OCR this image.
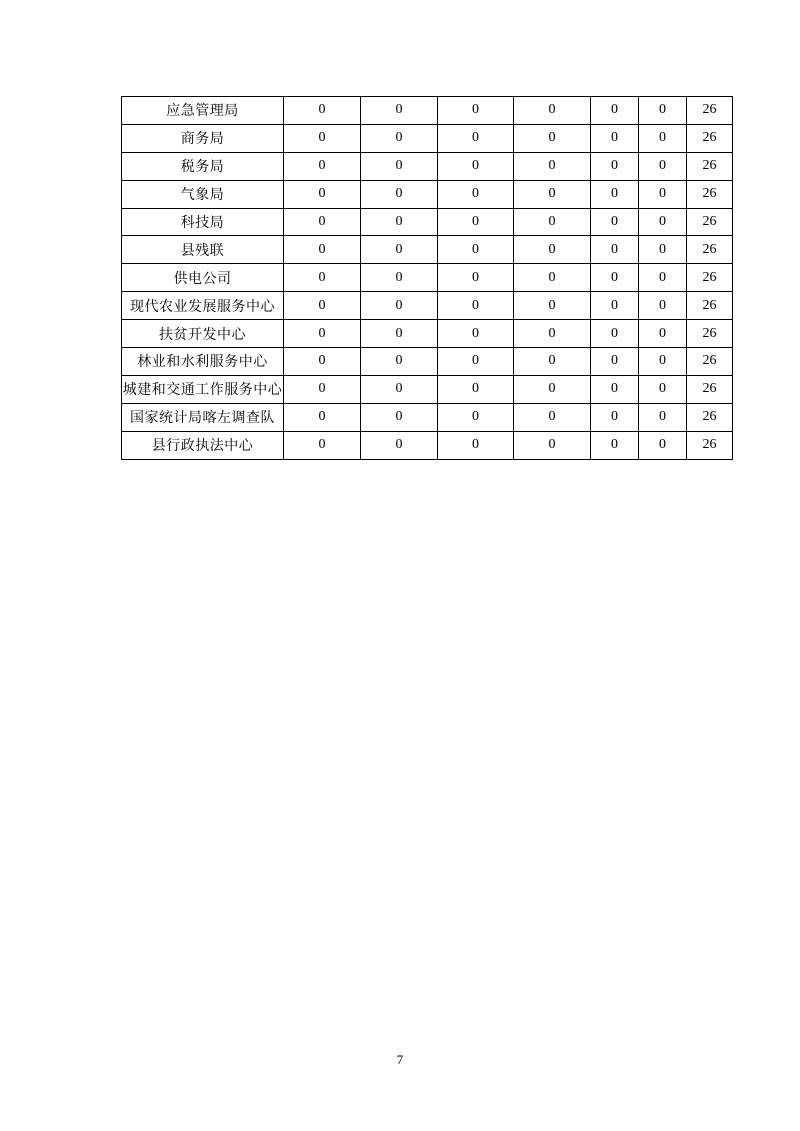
应急管理局	0	0	0	0	0	0	26
商务局	0	0	0	0	0	0	26
税务局	0	0	0	0	0	0	26
气象局	0	0	0	0	0	0	26
科技局	0	0	0	0	0	0	26
县残联	0	0	0	0	0	0	26
供电公司	0	0	0	0	0	0	26
现代农业发展服务中心	0	0	0	0	0	0	26
扶贫开发中心	0	0	0	0	0	0	26
林业和水利服务中心	0	0	0	0	0	0	26
城建和交通工作服务中心	0	0	0	0	0	0	26
国家统计局喀左调查队	0	0	0	0	0	0	26
县行政执法中心	0	0	0	0	0	0	26
7
